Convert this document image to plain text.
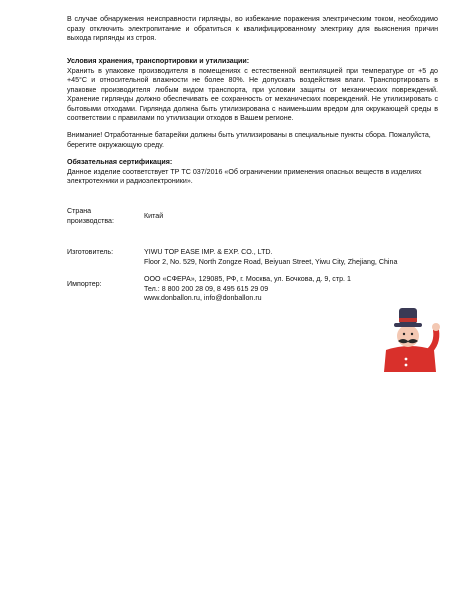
В случае обнаружения неисправности гирлянды, во избежание поражения электрическим током, необходимо сразу отключить электропитание и обратиться к квалифицированному электрику для выяснения причин выхода гирлянды из строя.

Условия хранения, транспортировки и утилизации:

Хранить в упаковке производителя в помещениях с естественной вентиляцией при температуре от +5 до +45°С и относительной влажности не более 80%. Не допускать воздействия влаги. Транспортировать в упаковке производителя любым видом транспорта, при условии защиты от механических повреждений. Хранение гирлянды должно обеспечивать ее сохранность от механических повреждений. Не утилизировать с бытовыми отходами. Гирлянда должна быть утилизирована с наименьшим вредом для окружающей среды в соответствии с правилами по утилизации отходов в Вашем регионе.

Внимание! Отработанные батарейки должны быть утилизированы в специальные пункты сбора. Пожалуйста, берегите окружающую среду.

Обязательная сертификация:

Данное изделие соответствует ТР ТС 037/2016 «Об ограничении применения опасных веществ в изделиях электротехники и радиоэлектроники».

Страна
производства:
Китай
Изготовитель:	YIWU TOP EASE IMP. & EXP. CO., LTD.
Floor 2, No. 529, North Zongze Road, Beiyuan Street, Yiwu City, Zhejiang, China
Импортер:
ООО «СФЕРА», 129085, РФ, г. Москва, ул. Бочкова, д. 9, стр. 1
Тел.: 8 800 200 28 09, 8 495 615 29 09
www.donballon.ru, info@donballon.ru
